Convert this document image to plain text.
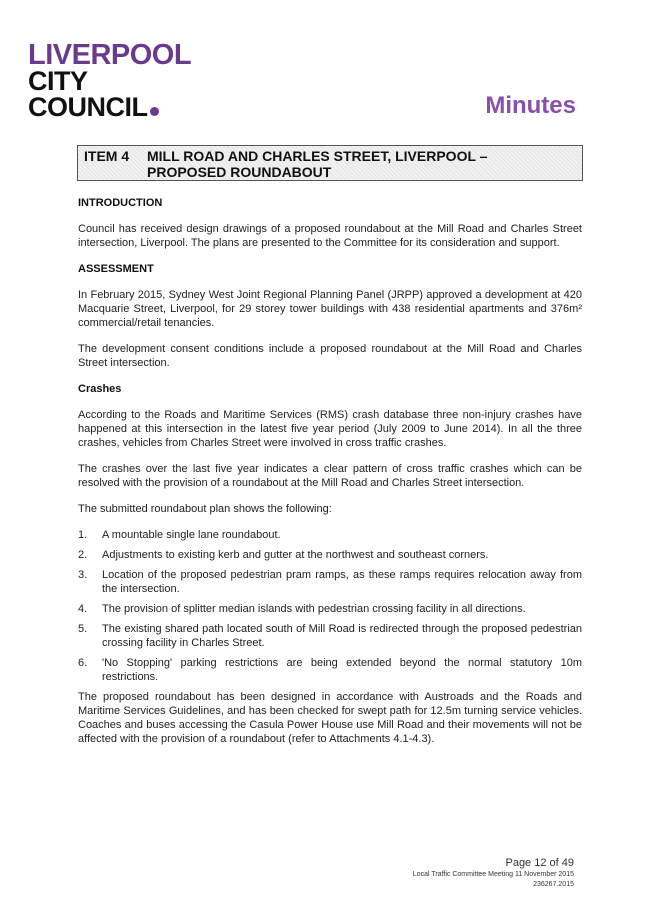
LIVERPOOL
CITY
COUNCIL	Minutes
ITEM 4 MILL ROAD AND CHARLES STREET, LIVERPOOL –
PROPOSED ROUNDABOUT
INTRODUCTION

Council has received design drawings of a proposed roundabout at the Mill Road and Charles Street intersection, Liverpool. The plans are presented to the Committee for its consideration and support.

ASSESSMENT

In February 2015, Sydney West Joint Regional Planning Panel (JRPP) approved a development at 420 Macquarie Street, Liverpool, for 29 storey tower buildings with 438 residential apartments and 376m² commercial/retail tenancies.

The development consent conditions include a proposed roundabout at the Mill Road and Charles Street intersection.

Crashes

According to the Roads and Maritime Services (RMS) crash database three non-injury crashes have happened at this intersection in the latest five year period (July 2009 to June 2014). In all the three crashes, vehicles from Charles Street were involved in cross traffic crashes.

The crashes over the last five year indicates a clear pattern of cross traffic crashes which can be resolved with the provision of a roundabout at the Mill Road and Charles Street intersection.

The submitted roundabout plan shows the following:

1. A mountable single lane roundabout.
2. Adjustments to existing kerb and gutter at the northwest and southeast corners.
3. Location of the proposed pedestrian pram ramps, as these ramps requires relocation away from the intersection.
4. The provision of splitter median islands with pedestrian crossing facility in all directions.
5. The existing shared path located south of Mill Road is redirected through the proposed pedestrian crossing facility in Charles Street.
6. 'No Stopping' parking restrictions are being extended beyond the normal statutory 10m restrictions.

The proposed roundabout has been designed in accordance with Austroads and the Roads and Maritime Services Guidelines, and has been checked for swept path for 12.5m turning service vehicles. Coaches and buses accessing the Casula Power House use Mill Road and their movements will not be affected with the provision of a roundabout (refer to Attachments 4.1-4.3).

Page 12 of 49
Local Traffic Committee Meeting 11 November 2015
236267.2015
